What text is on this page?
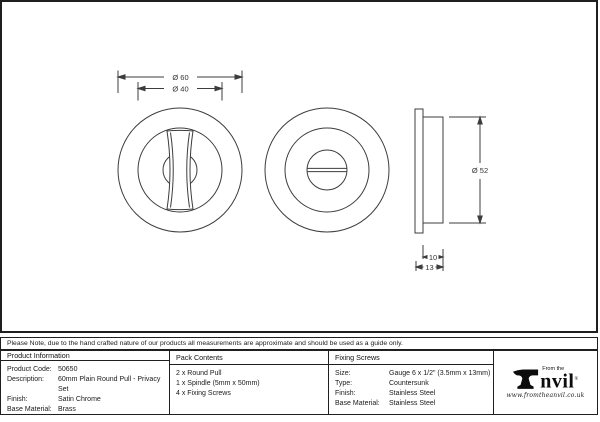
Ø 60
Ø 40
Ø 52
10
13
Please Note, due to the hand crafted nature of our products all measurements are approximate and should be used as a guide only.
Product Information
Product Code: 50650
Description:	60mm Plain Round Pull - Privacy Set
Finish:	Satin Chrome
Base Material: Brass
Pack Contents
2 x Round Pull
1 x Spindle (5mm x 50mm)
4 x Fixing Screws
Fixing Screws
Size:	Gauge 6 x 1/2" (3.5mm x 13mm)
Type:	Countersunk
Finish:	Stainless Steel
Base Material:	Stainless Steel
From the
nvil®
www.fromtheanvil.co.uk
